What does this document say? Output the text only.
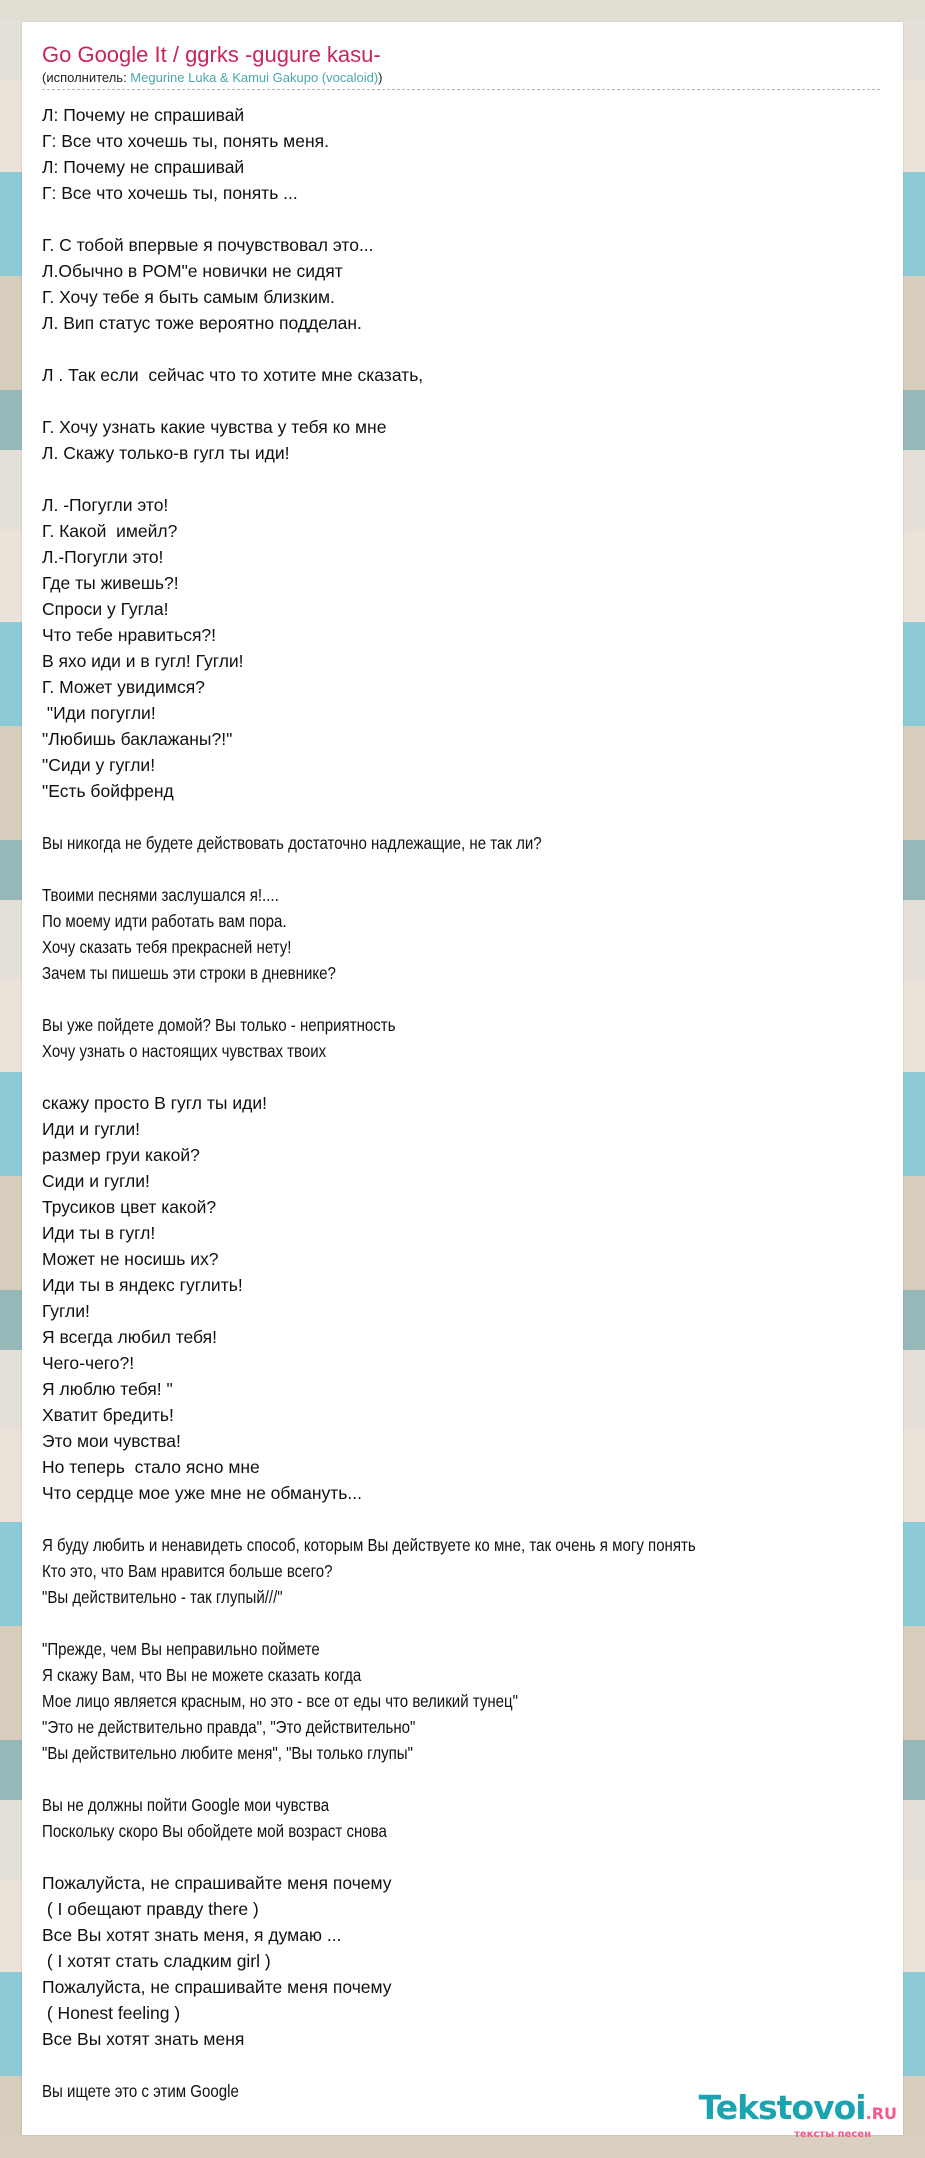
Go Google It / ggrks -gugure kasu-
(исполнитель: Megurine Luka & Kamui Gakupo (vocaloid))
Л: Почему не спрашивай
Г: Все что хочешь ты, понять меня.
Л: Почему не спрашивай
Г: Все что хочешь ты, понять ...
Г. С тобой впервые я почувствовал это...
Л.Обычно в РОМ"е новички не сидят
Г. Хочу тебе я быть самым близким.
Л. Вип статус тоже вероятно подделан.
Л . Так если  сейчас что то хотите мне сказать,
Г. Хочу узнать какие чувства у тебя ко мне
Л. Скажу только-в гугл ты иди!
Л. -Погугли это!
Г. Какой  имейл?
Л.-Погугли это!
Где ты живешь?!
Спроси у Гугла!
Что тебе нравиться?!
В яхо иди и в гугл! Гугли!
Г. Может увидимся?
"Иди погугли!
"Любишь баклажаны?!"
"Сиди у гугли!
"Есть бойфренд
Вы никогда не будете действовать достаточно надлежащие, не так ли?
Твоими песнями заслушался я!....
По моему идти работать вам пора.
Хочу сказать тебя прекрасней нету!
Зачем ты пишешь эти строки в дневнике?
Вы уже пойдете домой? Вы только - неприятность
Хочу узнать о настоящих чувствах твоих
скажу просто В гугл ты иди!
Иди и гугли!
размер груи какой?
Сиди и гугли!
Трусиков цвет какой?
Иди ты в гугл!
Может не носишь их?
Иди ты в яндекс гуглить!
Гугли!
Я всегда любил тебя!
Чего-чего?!
Я люблю тебя! "
Хватит бредить!
Это мои чувства!
Но теперь  стало ясно мне
Что сердце мое уже мне не обмануть...
Я буду любить и ненавидеть способ, которым Вы действуете ко мне, так очень я могу понять
Кто это, что Вам нравится больше всего?
"Вы действительно - так глупый///"
"Прежде, чем Вы неправильно поймете
Я скажу Вам, что Вы не можете сказать когда
Мое лицо является красным, но это - все от еды что великий тунец"
"Это не действительно правда", "Это действительно"
"Вы действительно любите меня", "Вы только глупы"
Вы не должны пойти Google мои чувства
Поскольку скоро Вы обойдете мой возраст снова
Пожалуйста, не спрашивайте меня почему
( I обещают правду there )
Все Вы хотят знать меня, я думаю ...
( I хотят стать сладким girl )
Пожалуйста, не спрашивайте меня почему
( Honest feeling )
Все Вы хотят знать меня
Вы ищете это с этим Google	Tekstovoi.RU
тексты песен
